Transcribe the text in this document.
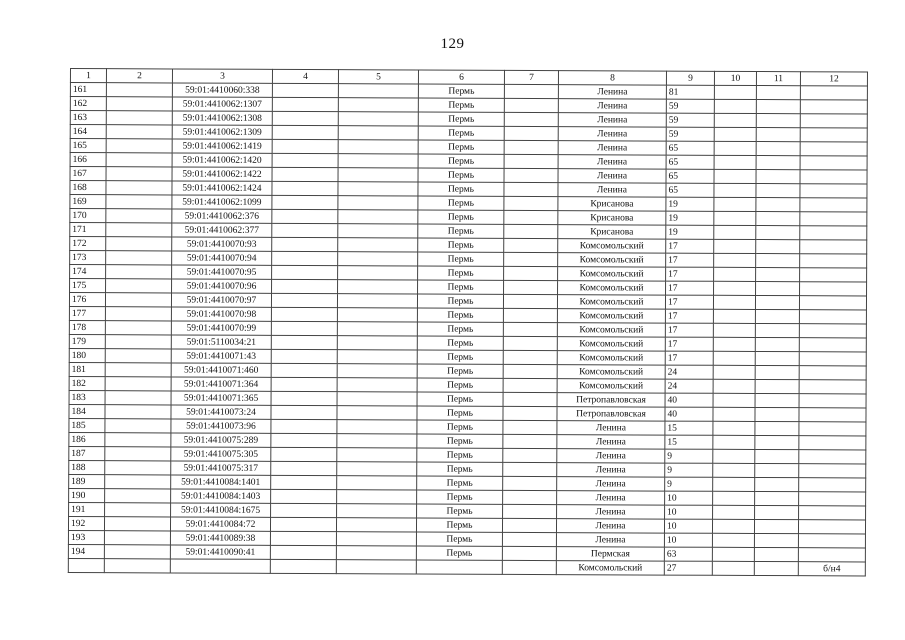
129
1	2	3	4	5	6	7	8	9	10	11	12
161		59:01:4410060:338			Пермь		Ленина	81			
162		59:01:4410062:1307			Пермь		Ленина	59			
163		59:01:4410062:1308			Пермь		Ленина	59			
164		59:01:4410062:1309			Пермь		Ленина	59			
165		59:01:4410062:1419			Пермь		Ленина	65			
166		59:01:4410062:1420			Пермь		Ленина	65			
167		59:01:4410062:1422			Пермь		Ленина	65			
168		59:01:4410062:1424			Пермь		Ленина	65			
169		59:01:4410062:1099			Пермь		Крисанова	19			
170		59:01:4410062:376			Пермь		Крисанова	19			
171		59:01:4410062:377			Пермь		Крисанова	19			
172		59:01:4410070:93			Пермь		Комсомольский	17			
173		59:01:4410070:94			Пермь		Комсомольский	17			
174		59:01:4410070:95			Пермь		Комсомольский	17			
175		59:01:4410070:96			Пермь		Комсомольский	17			
176		59:01:4410070:97			Пермь		Комсомольский	17			
177		59:01:4410070:98			Пермь		Комсомольский	17			
178		59:01:4410070:99			Пермь		Комсомольский	17			
179		59:01:5110034:21			Пермь		Комсомольский	17			
180		59:01:4410071:43			Пермь		Комсомольский	17			
181		59:01:4410071:460			Пермь		Комсомольский	24			
182		59:01:4410071:364			Пермь		Комсомольский	24			
183		59:01:4410071:365			Пермь		Петропавловская	40			
184		59:01:4410073:24			Пермь		Петропавловская	40			
185		59:01:4410073:96			Пермь		Ленина	15			
186		59:01:4410075:289			Пермь		Ленина	15			
187		59:01:4410075:305			Пермь		Ленина	9			
188		59:01:4410075:317			Пермь		Ленина	9			
189		59:01:4410084:1401			Пермь		Ленина	9			
190		59:01:4410084:1403			Пермь		Ленина	10			
191		59:01:4410084:1675			Пермь		Ленина	10			
192		59:01:4410084:72			Пермь		Ленина	10			
193		59:01:4410089:38			Пермь		Ленина	10			
194		59:01:4410090:41			Пермь		Пермская	63			
							Комсомольский	27			б/н4
